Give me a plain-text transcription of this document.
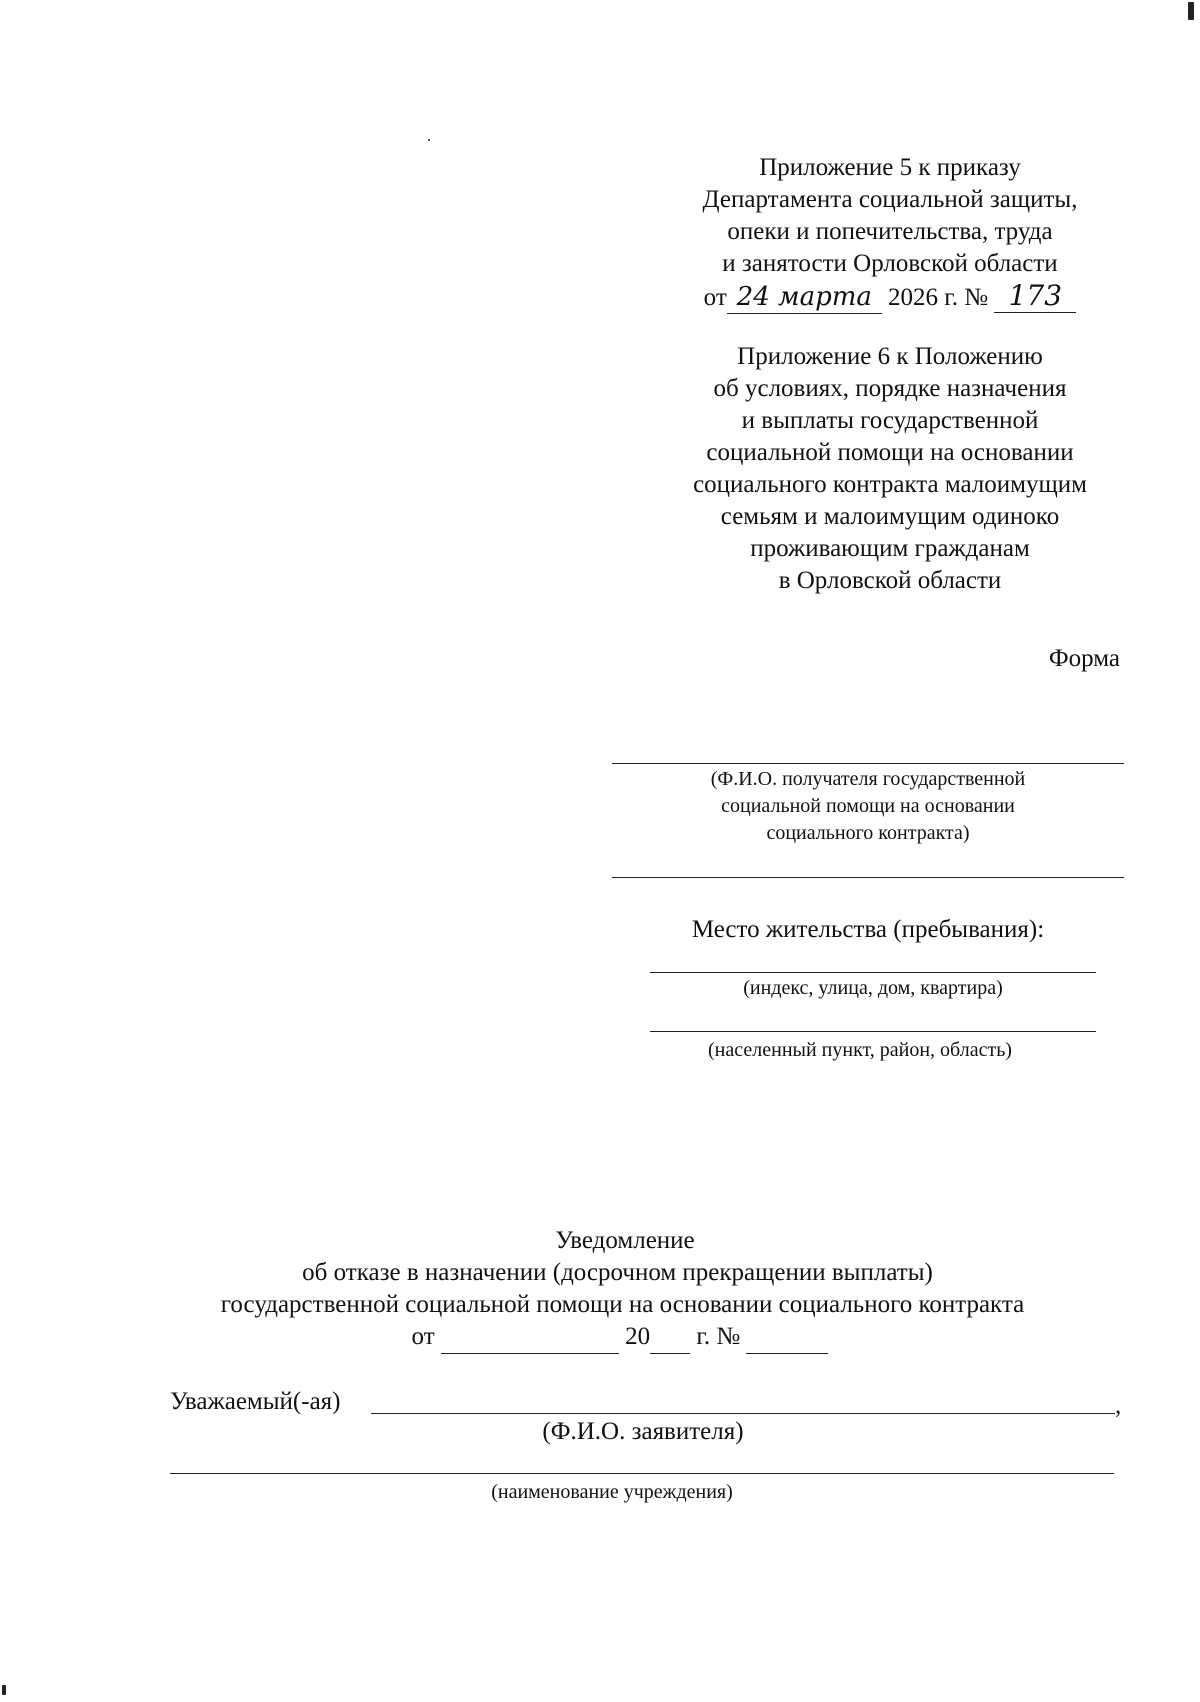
Приложение 5 к приказу
Департамента социальной защиты,
опеки и попечительства, труда
и занятости Орловской области
от 24 марта 2026 г. № 173
Приложение 6 к Положению
об условиях, порядке назначения
и выплаты государственной
социальной помощи на основании
социального контракта малоимущим
семьям и малоимущим одиноко
проживающим гражданам
в Орловской области
Форма
(Ф.И.О. получателя государственной
социальной помощи на основании
социального контракта)
Место жительства (пребывания):
(индекс, улица, дом, квартира)
(населенный пункт, район, область)
Уведомление
об отказе в назначении (досрочном прекращении выплаты)
государственной социальной помощи на основании социального контракта
от	20 г. №
Уважаемый(-ая)	,
(Ф.И.О. заявителя)
(наименование учреждения)
